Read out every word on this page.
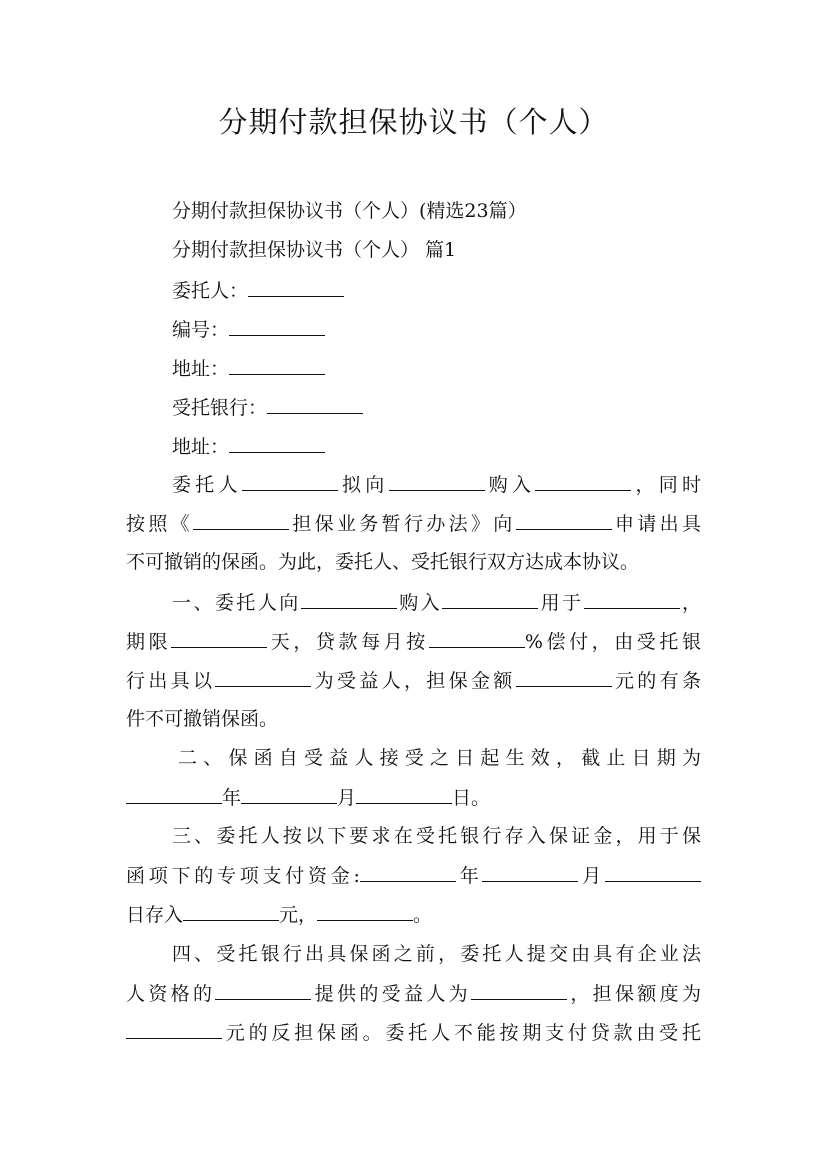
分期付款担保协议书（个人）
分期付款担保协议书（个人）(精选23篇）
分期付款担保协议书（个人） 篇1
委托人：
编号：
地址：
受托银行：
地址：
委托人	拟向	购入	，同时
按照《	担保业务暂行办法》向	申请出具
不可撤销的保函。为此，委托人、受托银行双方达成本协议。
一、委托人向	购入	用于	，
期限	天，贷款每月按	%偿付，由受托银
行出具以	为受益人，担保金额	元的有条
件不可撤销保函。
二、保函自受益人接受之日起生效，截止日期为
年	月	日。
三、委托人按以下要求在受托银行存入保证金，用于保
函项下的专项支付资金:	年	月
日存入	元，	。
四、受托银行出具保函之前，委托人提交由具有企业法
人资格的	提供的受益人为	，担保额度为
元的反担保函。委托人不能按期支付贷款由受托
